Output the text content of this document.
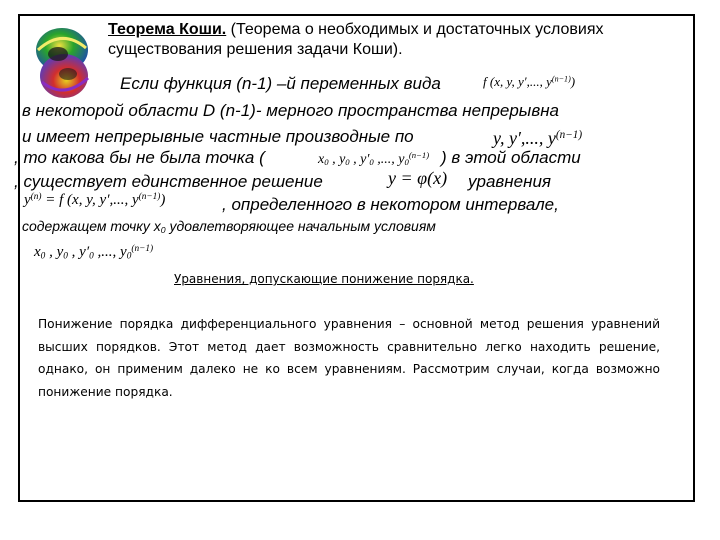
Теорема Коши. (Теорема о необходимых и достаточных условиях
существования решения задачи Коши).
Если функция (n-1) –й переменных вида	f (x, y, y′,..., $y^{(n-1)}$)
в некоторой области D (n-1)- мерного пространства непрерывна
и имеет непрерывные частные производные по	y, y′,..., $y^{(n-1)}$
, то какова бы не была точка (	$x_0$ , $y_0$ , $y'_0$ ,..., $y_0^{(n-1)}$ ) в этой области
, существует единственное решение	y = φ(x) уравнения
$y^{(n)} = f$ (x, y, y′,..., $y^{(n-1)}$)	, определенного в некотором интервале,
содержащем точку $x_0$ удовлетворяющее начальным условиям
$x_0$ , $y_0$ , $y'_0$ ,..., $y_0^{(n-1)}$
Уравнения, допускающие понижение порядка.
Понижение порядка дифференциального уравнения – основной метод решения уравнений высших порядков. Этот метод дает возможность сравнительно легко находить решение, однако, он применим далеко не ко всем уравнениям. Рассмотрим случаи, когда возможно понижение порядка.
